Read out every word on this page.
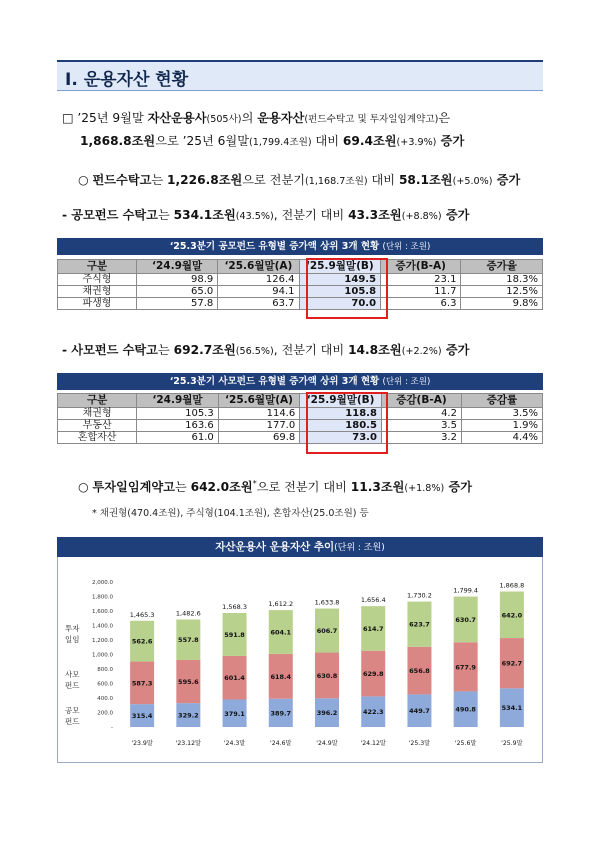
Ⅰ. 운용자산 현황
□ ’25년 9월말 자산운용사(505사)의 운용자산(펀드수탁고 및 투자일임계약고)은
1,868.8조원으로 ’25년 6월말(1,799.4조원) 대비 69.4조원(+3.9%) 증가
○ 펀드수탁고는 1,226.8조원으로 전분기(1,168.7조원) 대비 58.1조원(+5.0%) 증가
- 공모펀드 수탁고는 534.1조원(43.5%), 전분기 대비 43.3조원(+8.8%) 증가
‘25.3분기 공모펀드 유형별 증가액 상위 3개 현황 (단위 : 조원)
구분	‘24.9월말	‘25.6월말(A)	‘25.9월말(B)	증가(B-A)	증가율
주식형	98.9	126.4	149.5	23.1	18.3%
채권형	65.0	94.1	105.8	11.7	12.5%
파생형	57.8	63.7	70.0	6.3	9.8%
- 사모펀드 수탁고는 692.7조원(56.5%), 전분기 대비 14.8조원(+2.2%) 증가
‘25.3분기 사모펀드 유형별 증가액 상위 3개 현황 (단위 : 조원)
구분	‘24.9월말	‘25.6월말(A)	‘25.9월말(B)	증감(B-A)	증감률
채권형	105.3	114.6	118.8	4.2	3.5%
부동산	163.6	177.0	180.5	3.5	1.9%
혼합자산	61.0	69.8	73.0	3.2	4.4%
○ 투자일임계약고는 642.0조원*으로 전분기 대비 11.3조원(+1.8%) 증가
* 채권형(470.4조원), 주식형(104.1조원), 혼합자산(25.0조원) 등
자산운용사 운용자산 추이(단위 : 조원)
-
200.0
400.0
600.0
800.0
1,000.0
1,200.0
1,400.0
1,600.0
1,800.0
2,000.0
투자
일임
사모
펀드
공모
펀드
315.4
587.3
562.6
1,465.3
'23.9말
329.2
595.6
557.8
1,482.6
'23.12말
379.1
601.4
591.8
1,568.3
'24.3말
389.7
618.4
604.1
1,612.2
'24.6말
396.2
630.8
606.7
1,633.8
'24.9말
422.3
629.8
614.7
1,656.4
'24.12말
449.7
656.8
623.7
1,730.2
'25.3말
490.8
677.9
630.7
1,799.4
'25.6말
534.1
692.7
642.0
1,868.8
'25.9말
